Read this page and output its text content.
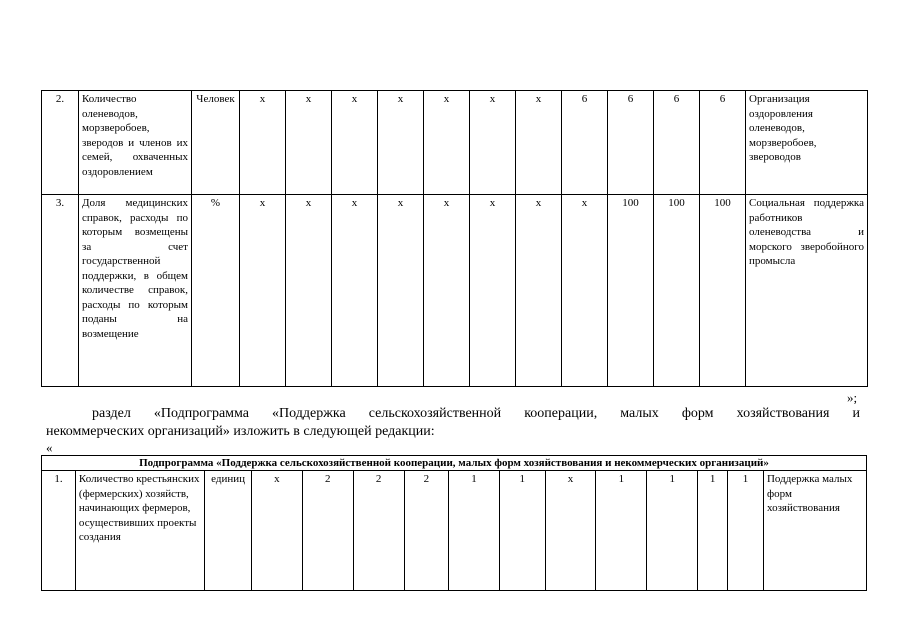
2.	Количество оленеводов, морзверобоев, зверодов и членов их семей, охваченных оздоровлением	Человек	х	х	х	х	х	х	х	6	6	6	6	Организация оздоровления оленеводов, морзверобоев, звероводов
3.	Доля медицинских справок, расходы по которым возмещены за счет государственной поддержки, в общем количестве справок, расходы по которым поданы на возмещение	%	х	х	х	х	х	х	х	х	100	100	100	Социальная поддержка работников оленеводства и морского зверобойного промысла
»;
раздел «Подпрограмма «Поддержка сельскохозяйственной кооперации, малых форм хозяйствования и
некоммерческих организаций» изложить в следующей редакции:
«
Подпрограмма «Поддержка сельскохозяйственной кооперации, малых форм хозяйствования и некоммерческих организаций»
1.	Количество крестьянских (фермерских) хозяйств, начинающих фермеров, осуществивших проекты создания	единиц	х	2	2	2	1	1	х	1	1	1	1	Поддержка малых форм хозяйствования
